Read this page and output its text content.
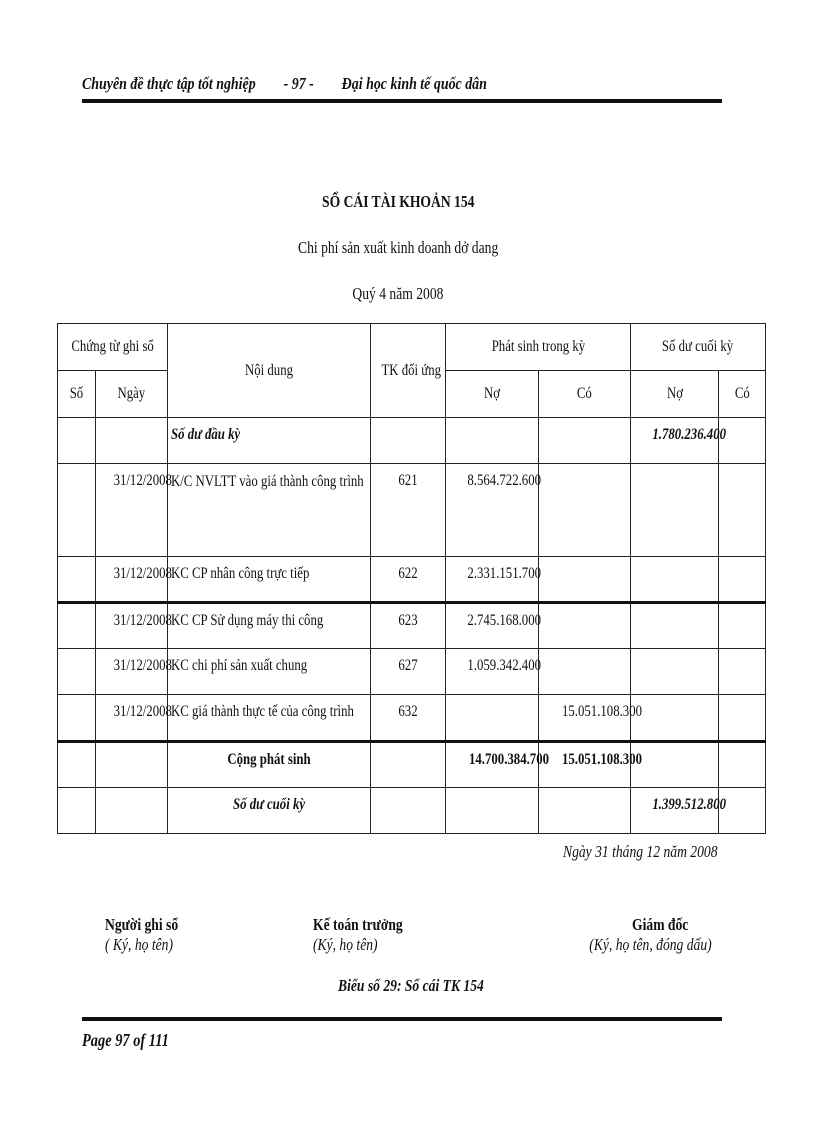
Chuyên đề thực tập tốt nghiệp - 97 - Đại học kinh tế quốc dân
SỔ CÁI TÀI KHOẢN 154
Chi phí sản xuất kinh doanh dở dang
Quý 4 năm 2008
Chứng từ ghi sổ		Nội dung	TK đối ứng	Phát sinh trong kỳ		Số dư cuối kỳ	
Số	Ngày			Nợ	Có	Nợ	Có
		Số dư đầu kỳ				1.780.236.400	
	31/12/2008	K/C NVLTT vào giá thành công trình	621	8.564.722.600			
	31/12/2008	KC CP nhân công trực tiếp	622	2.331.151.700			
	31/12/2008	KC CP Sử dụng máy thi công	623	2.745.168.000			
	31/12/2008	KC chi phí sản xuất chung	627	1.059.342.400			
	31/12/2008	KC giá thành thực tế của công trình	632		15.051.108.300		
		Cộng phát sinh		14.700.384.700	15.051.108.300		
		Số dư cuối kỳ				1.399.512.800	
Ngày 31 tháng 12 năm 2008
Người ghi sổ
( Ký, họ tên)
Kế toán trưởng
(Ký, họ tên)
Giám đốc
(Ký, họ tên, đóng dấu)
Biểu số 29: Sổ cái TK 154
Page 97 of 111
